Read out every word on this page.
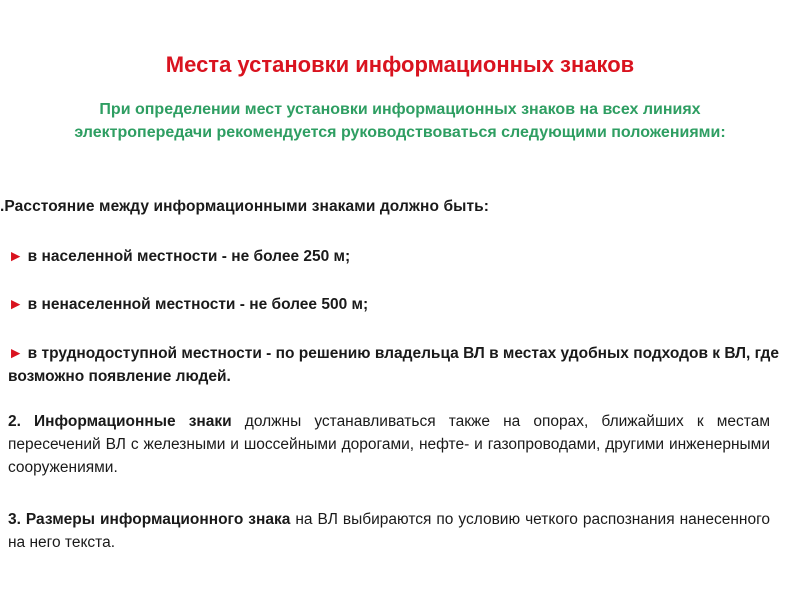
Места установки информационных знаков
При определении мест установки информационных знаков на всех линиях электропередачи рекомендуется руководствоваться следующими положениями:
.Расстояние между информационными знаками должно быть:
► в населенной местности - не более 250 м;
► в ненаселенной местности - не более 500 м;
► в труднодоступной местности - по решению владельца ВЛ в местах удобных подходов к ВЛ, где возможно появление людей.
2. Информационные знаки должны устанавливаться также на опорах, ближайших к местам пересечений ВЛ с железными и шоссейными дорогами, нефте- и газопроводами, другими инженерными сооружениями.
3. Размеры информационного знака на ВЛ выбираются по условию четкого распознания нанесенного на него текста.
